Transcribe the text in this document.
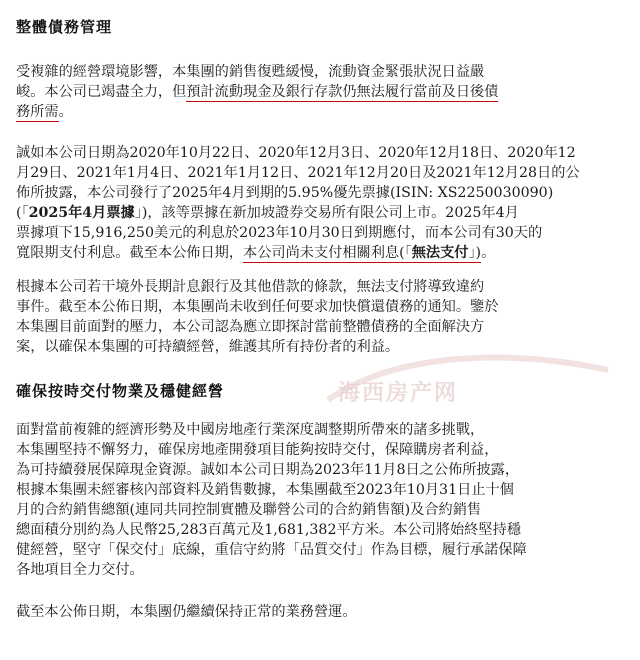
整體債務管理
受複雜的經營環境影響，本集團的銷售復甦緩慢，流動資金緊張狀況日益嚴
峻。本公司已竭盡全力，但預計流動現金及銀行存款仍無法履行當前及日後債
務所需。
誠如本公司日期為2020年10月22日、2020年12月3日、2020年12月18日、2020年12
月29日、2021年1月4日、2021年1月12日、2021年12月20日及2021年12月28日的公
佈所披露，本公司發行了2025年4月到期的5.95%優先票據(ISIN: XS2250030090)
(「2025年4月票據」)，該等票據在新加坡證券交易所有限公司上市。2025年4月
票據項下15,916,250美元的利息於2023年10月30日到期應付，而本公司有30天的
寬限期支付利息。截至本公佈日期，本公司尚未支付相關利息(「無法支付」)。
根據本公司若干境外長期計息銀行及其他借款的條款，無法支付將導致違約
事件。截至本公佈日期，本集團尚未收到任何要求加快償還債務的通知。鑒於
本集團目前面對的壓力，本公司認為應立即探討當前整體債務的全面解決方
案，以確保本集團的可持續經營，維護其所有持份者的利益。
海西房产网
確保按時交付物業及穩健經營
面對當前複雜的經濟形勢及中國房地產行業深度調整期所帶來的諸多挑戰，
本集團堅持不懈努力，確保房地產開發項目能夠按時交付，保障購房者利益，
為可持續發展保障現金資源。誠如本公司日期為2023年11月8日之公佈所披露，
根據本集團未經審核內部資料及銷售數據，本集團截至2023年10月31日止十個
月的合約銷售總額(連同共同控制實體及聯營公司的合約銷售額)及合約銷售
總面積分別約為人民幣25,283百萬元及1,681,382平方米。本公司將始終堅持穩
健經營，堅守「保交付」底線，重信守約將「品質交付」作為目標，履行承諾保障
各地項目全力交付。
截至本公佈日期，本集團仍繼續保持正常的業務營運。
